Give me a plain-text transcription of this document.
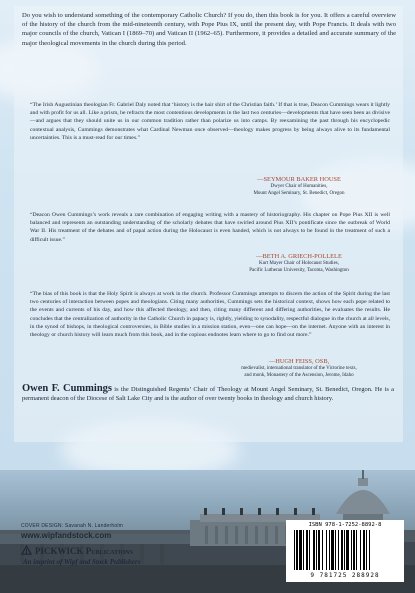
Do you wish to understand something of the contemporary Catholic Church? If you do, then this book is for you. It offers a careful overview of the history of the church from the mid-nineteenth century, with Pope Pius IX, until the present day, with Pope Francis. It deals with two major councils of the church, Vatican I (1869–70) and Vatican II (1962–65). Furthermore, it provides a detailed and accurate summary of the major theological movements in the church during this period.

“The Irish Augustinian theologian Fr. Gabriel Daly noted that ‘history is the hair shirt of the Christian faith.’ If that is true, Deacon Cummings wears it lightly and with profit for us all. Like a prism, he refracts the most contentious developments in the last two centuries—developments that have seen been as divisive—and argues that they should unite us in our common tradition rather than polarize us into camps. By reexamining the past through his encyclopedic contextual analysis, Cummings demonstrates what Cardinal Newman once observed—theology makes progress by being always alive to its fundamental uncertainties. This is a must-read for our times.”

—SEYMOUR BAKER HOUSE
Dwyer Chair of Humanities,
Mount Angel Seminary, St. Benedict, Oregon

“Deacon Owen Cummings’s work reveals a rare combination of engaging writing with a mastery of historiography. His chapter on Pope Pius XII is well balanced and represents an outstanding understanding of the scholarly debates that have swirled around Pius XII’s pontificate since the outbreak of World War II. His treatment of the debates and of papal action during the Holocaust is even handed, which is not always to be found in the treatment of such a difficult issue.”

—BETH A. GRIECH-POLLELE
Kurt Mayer Chair of Holocaust Studies,
Pacific Lutheran University, Tacoma, Washington

“The bias of this book is that the Holy Spirit is always at work in the church. Professor Cummings attempts to discern the action of the Spirit during the last two centuries of interaction between popes and theologians. Citing many authorities, Cummings sets the historical context, shows how each pope related to the events and currents of his day, and how this affected theology, and then, citing many different and differing authorities, he evaluates the results. He concludes that the centralization of authority in the Catholic Church in papacy is, rightly, yielding to synodality, respectful dialogue in the church at all levels, in the synod of bishops, in theological controversies, in Bible studies in a mission station, even—one can hope—on the internet. Anyone with an interest in theology or church history will learn much from this book, and in the copious endnotes learn where to go to find out more.”

—HUGH FEISS, OSB,
medievalist, international translator of the Victorine texts,
and monk, Monastery of the Ascension, Jerome, Idaho

Owen F. Cummings is the Distinguished Regents’ Chair of Theology at Mount Angel Seminary, St. Benedict, Oregon. He is a permanent deacon of the Diocese of Salt Lake City and is the author of over twenty books in theology and church history.

COVER DESIGN: Savanah N. Landerholm
www.wipfandstock.com
PICKWICK Publications
An imprint of Wipf and Stock Publishers
ISBN 978-1-7252-8892-8
9 781725 288928
